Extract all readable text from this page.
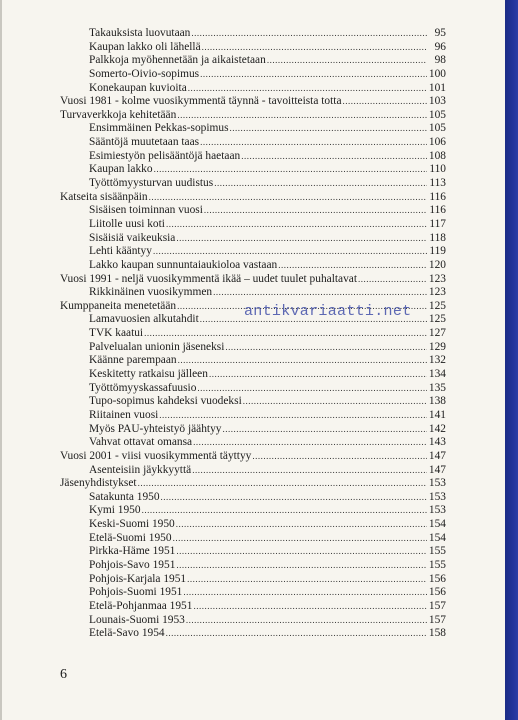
Takauksista luovutaan .....	95
Kaupan lakko oli lähellä .....	96
Palkkoja myöhennetään ja aikaistetaan .....	98
Somerto-Oivio-sopimus .....	100
Konekaupan kuvioita .....	101
Vuosi 1981 - kolme vuosikymmentä täynnä - tavoitteista totta .....	103
Turvaverkkoja kehitetään .....	105
Ensimmäinen Pekkas-sopimus .....	105
Sääntöjä muutetaan taas .....	106
Esimiestyön pelisääntöjä haetaan .....	108
Kaupan lakko .....	110
Työttömyysturvan uudistus .....	113
Katseita sisäänpäin .....	116
Sisäisen toiminnan vuosi .....	116
Liitolle uusi koti .....	117
Sisäisiä vaikeuksia .....	118
Lehti kääntyy .....	119
Lakko kaupan sunnuntaiaukioloa vastaan .....	120
Vuosi 1991 - neljä vuosikymmentä ikää – uudet tuulet puhaltavat .....	123
Rikkinäinen vuosikymmen .....	123
Kumppaneita menetetään .....	125
Lamavuosien alkutahdit .....	125
TVK kaatui .....	127
Palvelualan unionin jäseneksi .....	129
Käänne parempaan .....	132
Keskitetty ratkaisu jälleen .....	134
Työttömyyskassafuusio .....	135
Tupo-sopimus kahdeksi vuodeksi .....	138
Riitainen vuosi .....	141
Myös PAU-yhteistyö jäähtyy .....	142
Vahvat ottavat omansa .....	143
Vuosi 2001 - viisi vuosikymmentä täyttyy .....	147
Asenteisiin jäykkyyttä .....	147
Jäsenyhdistykset .....	153
Satakunta 1950 .....	153
Kymi 1950 .....	153
Keski-Suomi 1950 .....	154
Etelä-Suomi 1950 .....	154
Pirkka-Häme 1951 .....	155
Pohjois-Savo 1951 .....	155
Pohjois-Karjala 1951 .....	156
Pohjois-Suomi 1951 .....	156
Etelä-Pohjanmaa 1951 .....	157
Lounais-Suomi 1953 .....	157
Etelä-Savo 1954 .....	158
antikvariaatti.net
6
